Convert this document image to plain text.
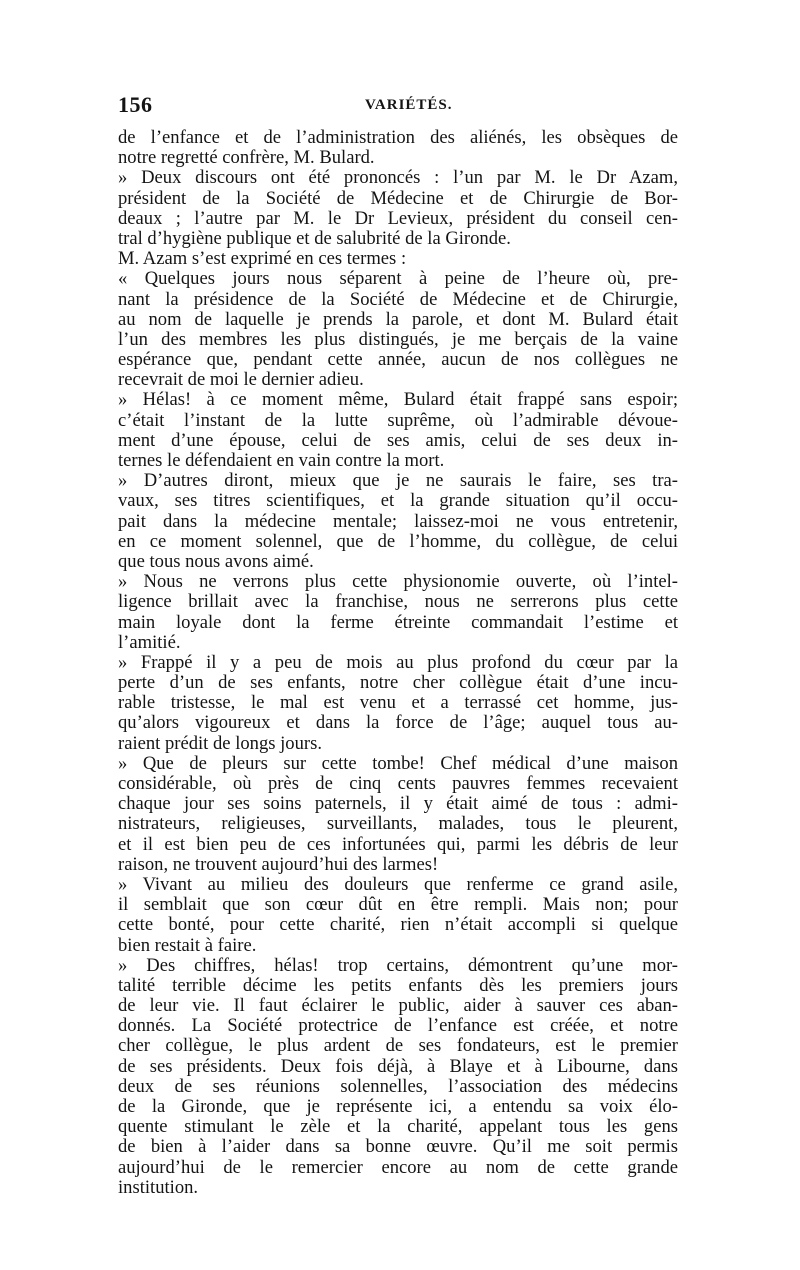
156	VARIÉTÉS.
de l’enfance et de l’administration des aliénés, les obsèques de
notre regretté confrère, M. Bulard.
» Deux discours ont été prononcés : l’un par M. le Dr Azam,
président de la Société de Médecine et de Chirurgie de Bor-
deaux ; l’autre par M. le Dr Levieux, président du conseil cen-
tral d’hygiène publique et de salubrité de la Gironde.
M. Azam s’est exprimé en ces termes :
« Quelques jours nous séparent à peine de l’heure où, pre-
nant la présidence de la Société de Médecine et de Chirurgie,
au nom de laquelle je prends la parole, et dont M. Bulard était
l’un des membres les plus distingués, je me berçais de la vaine
espérance que, pendant cette année, aucun de nos collègues ne
recevrait de moi le dernier adieu.
» Hélas! à ce moment même, Bulard était frappé sans espoir;
c’était l’instant de la lutte suprême, où l’admirable dévoue-
ment d’une épouse, celui de ses amis, celui de ses deux in-
ternes le défendaient en vain contre la mort.
» D’autres diront, mieux que je ne saurais le faire, ses tra-
vaux, ses titres scientifiques, et la grande situation qu’il occu-
pait dans la médecine mentale; laissez-moi ne vous entretenir,
en ce moment solennel, que de l’homme, du collègue, de celui
que tous nous avons aimé.
» Nous ne verrons plus cette physionomie ouverte, où l’intel-
ligence brillait avec la franchise, nous ne serrerons plus cette
main loyale dont la ferme étreinte commandait l’estime et
l’amitié.
» Frappé il y a peu de mois au plus profond du cœur par la
perte d’un de ses enfants, notre cher collègue était d’une incu-
rable tristesse, le mal est venu et a terrassé cet homme, jus-
qu’alors vigoureux et dans la force de l’âge; auquel tous au-
raient prédit de longs jours.
» Que de pleurs sur cette tombe! Chef médical d’une maison
considérable, où près de cinq cents pauvres femmes recevaient
chaque jour ses soins paternels, il y était aimé de tous : admi-
nistrateurs, religieuses, surveillants, malades, tous le pleurent,
et il est bien peu de ces infortunées qui, parmi les débris de leur
raison, ne trouvent aujourd’hui des larmes!
» Vivant au milieu des douleurs que renferme ce grand asile,
il semblait que son cœur dût en être rempli. Mais non; pour
cette bonté, pour cette charité, rien n’était accompli si quelque
bien restait à faire.
» Des chiffres, hélas! trop certains, démontrent qu’une mor-
talité terrible décime les petits enfants dès les premiers jours
de leur vie. Il faut éclairer le public, aider à sauver ces aban-
donnés. La Société protectrice de l’enfance est créée, et notre
cher collègue, le plus ardent de ses fondateurs, est le premier
de ses présidents. Deux fois déjà, à Blaye et à Libourne, dans
deux de ses réunions solennelles, l’association des médecins
de la Gironde, que je représente ici, a entendu sa voix élo-
quente stimulant le zèle et la charité, appelant tous les gens
de bien à l’aider dans sa bonne œuvre. Qu’il me soit permis
aujourd’hui de le remercier encore au nom de cette grande
institution.
